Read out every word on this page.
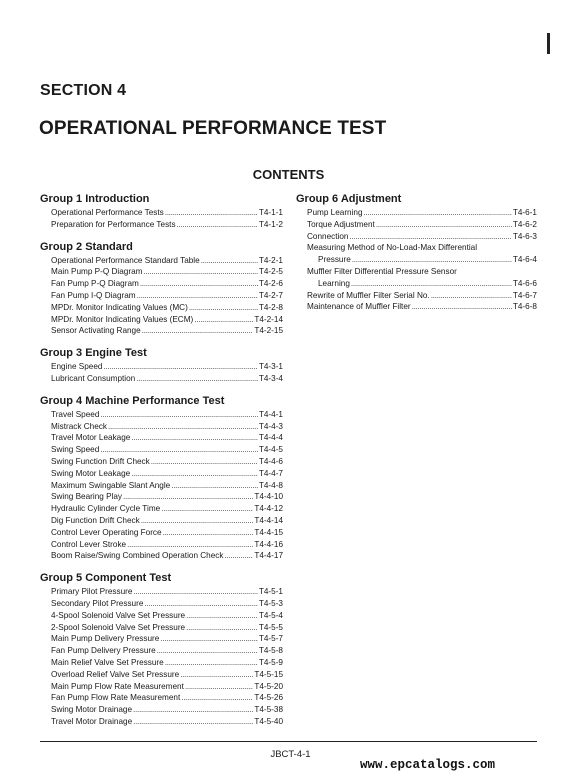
SECTION 4
OPERATIONAL PERFORMANCE TEST
CONTENTS
Group 1 Introduction
Operational Performance Tests .....	T4-1-1
Preparation for Performance Tests .....	T4-1-2
Group 2 Standard
Operational Performance Standard Table .....	T4-2-1
Main Pump P-Q Diagram .....	T4-2-5
Fan Pump P-Q Diagram .....	T4-2-6
Fan Pump I-Q Diagram .....	T4-2-7
MPDr. Monitor Indicating Values (MC) .....	T4-2-8
MPDr. Monitor Indicating Values (ECM) .....	T4-2-14
Sensor Activating Range .....	T4-2-15
Group 3 Engine Test
Engine Speed .....	T4-3-1
Lubricant Consumption .....	T4-3-4
Group 4 Machine Performance Test
Travel Speed .....	T4-4-1
Mistrack Check .....	T4-4-3
Travel Motor Leakage .....	T4-4-4
Swing Speed .....	T4-4-5
Swing Function Drift Check .....	T4-4-6
Swing Motor Leakage .....	T4-4-7
Maximum Swingable Slant Angle .....	T4-4-8
Swing Bearing Play .....	T4-4-10
Hydraulic Cylinder Cycle Time .....	T4-4-12
Dig Function Drift Check .....	T4-4-14
Control Lever Operating Force .....	T4-4-15
Control Lever Stroke .....	T4-4-16
Boom Raise/Swing Combined Operation Check .....	T4-4-17
Group 5 Component Test
Primary Pilot Pressure .....	T4-5-1
Secondary Pilot Pressure .....	T4-5-3
4-Spool Solenoid Valve Set Pressure .....	T4-5-4
2-Spool Solenoid Valve Set Pressure .....	T4-5-5
Main Pump Delivery Pressure .....	T4-5-7
Fan Pump Delivery Pressure .....	T4-5-8
Main Relief Valve Set Pressure .....	T4-5-9
Overload Relief Valve Set Pressure .....	T4-5-15
Main Pump Flow Rate Measurement .....	T4-5-20
Fan Pump Flow Rate Measurement .....	T4-5-26
Swing Motor Drainage .....	T4-5-38
Travel Motor Drainage .....	T4-5-40
Group 6 Adjustment
Pump Learning .....	T4-6-1
Torque Adjustment .....	T4-6-2
Connection .....	T4-6-3
Measuring Method of No-Load-Max Differential
Pressure .....	T4-6-4
Muffler Filter Differential Pressure Sensor
Learning .....	T4-6-6
Rewrite of Muffler Filter Serial No. .....	T4-6-7
Maintenance of Muffler Filter .....	T4-6-8
JBCT-4-1
www.epcatalogs.com
